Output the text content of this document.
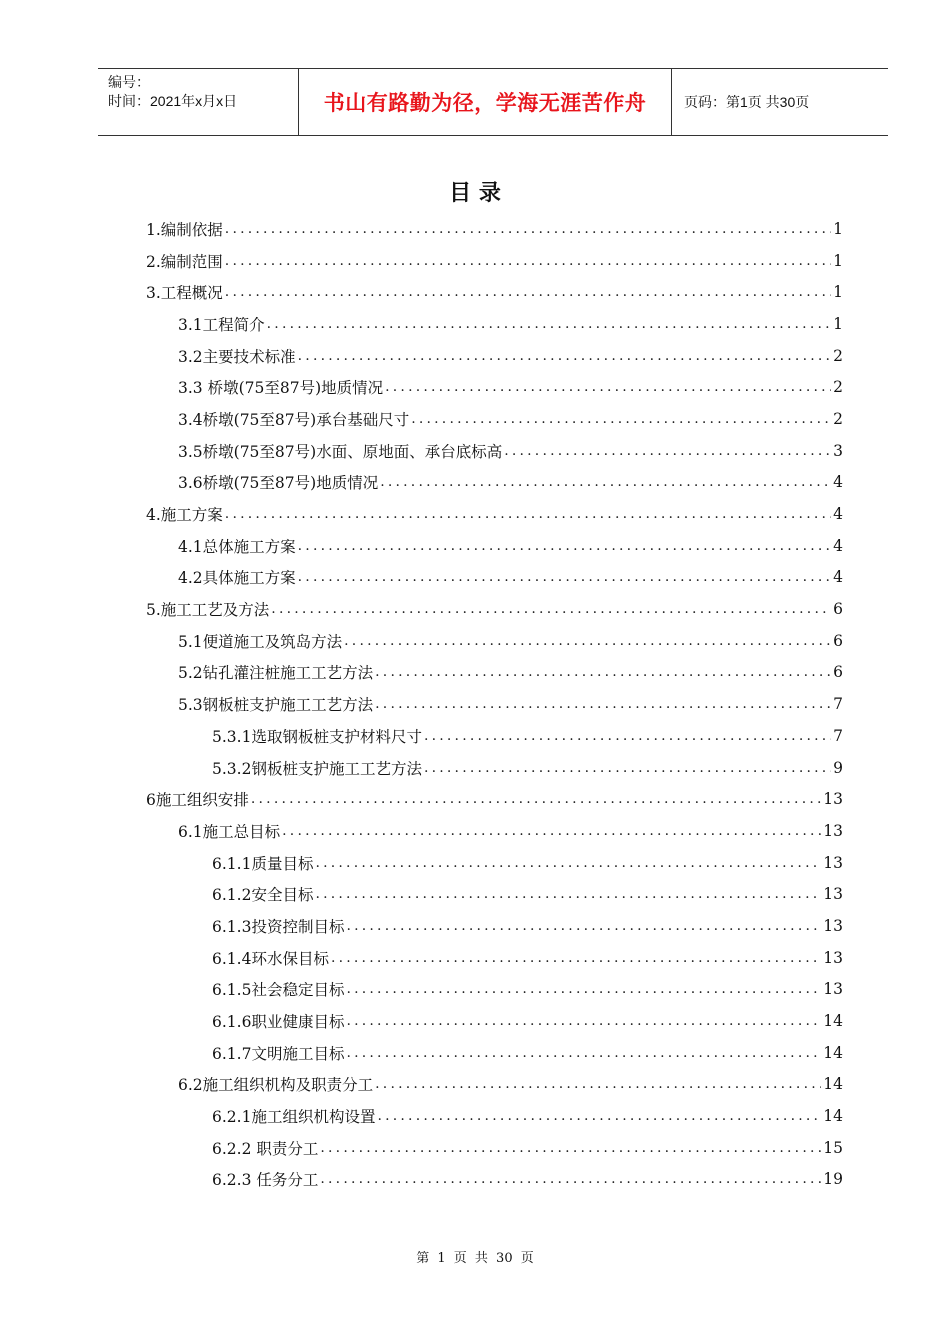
编号：
时间：2021年x月x日	书山有路勤为径，学海无涯苦作舟	页码：第1页 共30页
目 录
1.编制依据 .....	1
2.编制范围 .....	1
3.工程概况 .....	1
3.1工程简介 .....	1
3.2主要技术标准 .....	2
3.3 桥墩(75至87号)地质情况 .....	2
3.4桥墩(75至87号)承台基础尺寸 .....	2
3.5桥墩(75至87号)水面、原地面、承台底标高 .....	3
3.6桥墩(75至87号)地质情况 .....	4
4.施工方案 .....	4
4.1总体施工方案 .....	4
4.2具体施工方案 .....	4
5.施工工艺及方法 .....	6
5.1便道施工及筑岛方法 .....	6
5.2钻孔灌注桩施工工艺方法 .....	6
5.3钢板桩支护施工工艺方法 .....	7
5.3.1选取钢板桩支护材料尺寸 .....	7
5.3.2钢板桩支护施工工艺方法 .....	9
6施工组织安排 .....	13
6.1施工总目标 .....	13
6.1.1质量目标 .....	13
6.1.2安全目标 .....	13
6.1.3投资控制目标 .....	13
6.1.4环水保目标 .....	13
6.1.5社会稳定目标 .....	13
6.1.6职业健康目标 .....	14
6.1.7文明施工目标 .....	14
6.2施工组织机构及职责分工 .....	14
6.2.1施工组织机构设置 .....	14
6.2.2 职责分工 .....	15
6.2.3 任务分工 .....	19
第 1 页 共 30 页
